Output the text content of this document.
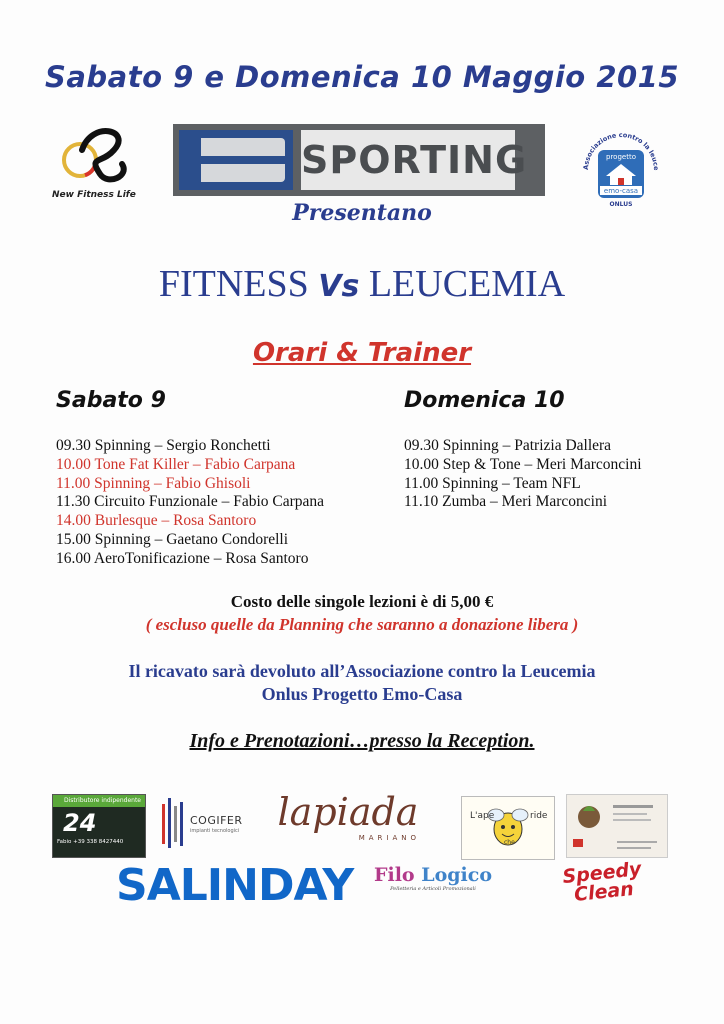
Sabato 9 e Domenica 10 Maggio 2015
New Fitness Life
SPORTING	Associazione contro la leuce
progetto
emo-casa
ONLUS
Presentano
FITNESS Vs LEUCEMIA
Orari & Trainer
Sabato 9	Domenica 10
09.30 Spinning – Sergio Ronchetti
10.00 Tone Fat Killer – Fabio Carpana
11.00 Spinning – Fabio Ghisoli
11.30 Circuito Funzionale – Fabio Carpana
14.00 Burlesque – Rosa Santoro
15.00 Spinning – Gaetano Condorelli
16.00 AeroTonificazione – Rosa Santoro
09.30 Spinning – Patrizia Dallera
10.00 Step & Tone – Meri Marconcini
11.00 Spinning – Team NFL
11.10 Zumba – Meri Marconcini
Costo delle singole lezioni è di 5,00 €
( escluso quelle da Planning che saranno a donazione libera )
Il ricavato sarà devoluto all’Associazione contro la Leucemia
Onlus Progetto Emo-Casa
Info e Prenotazioni…presso la Reception.
Distributore indipendente
24
Fabio +39 338 8427440
COGIFER
impianti tecnologici lapiada
MARIANO
L'ape	ride
che
SALINDAY	Filo Logico
Pelletteria e Articoli Promozionali
Speedy Clean
